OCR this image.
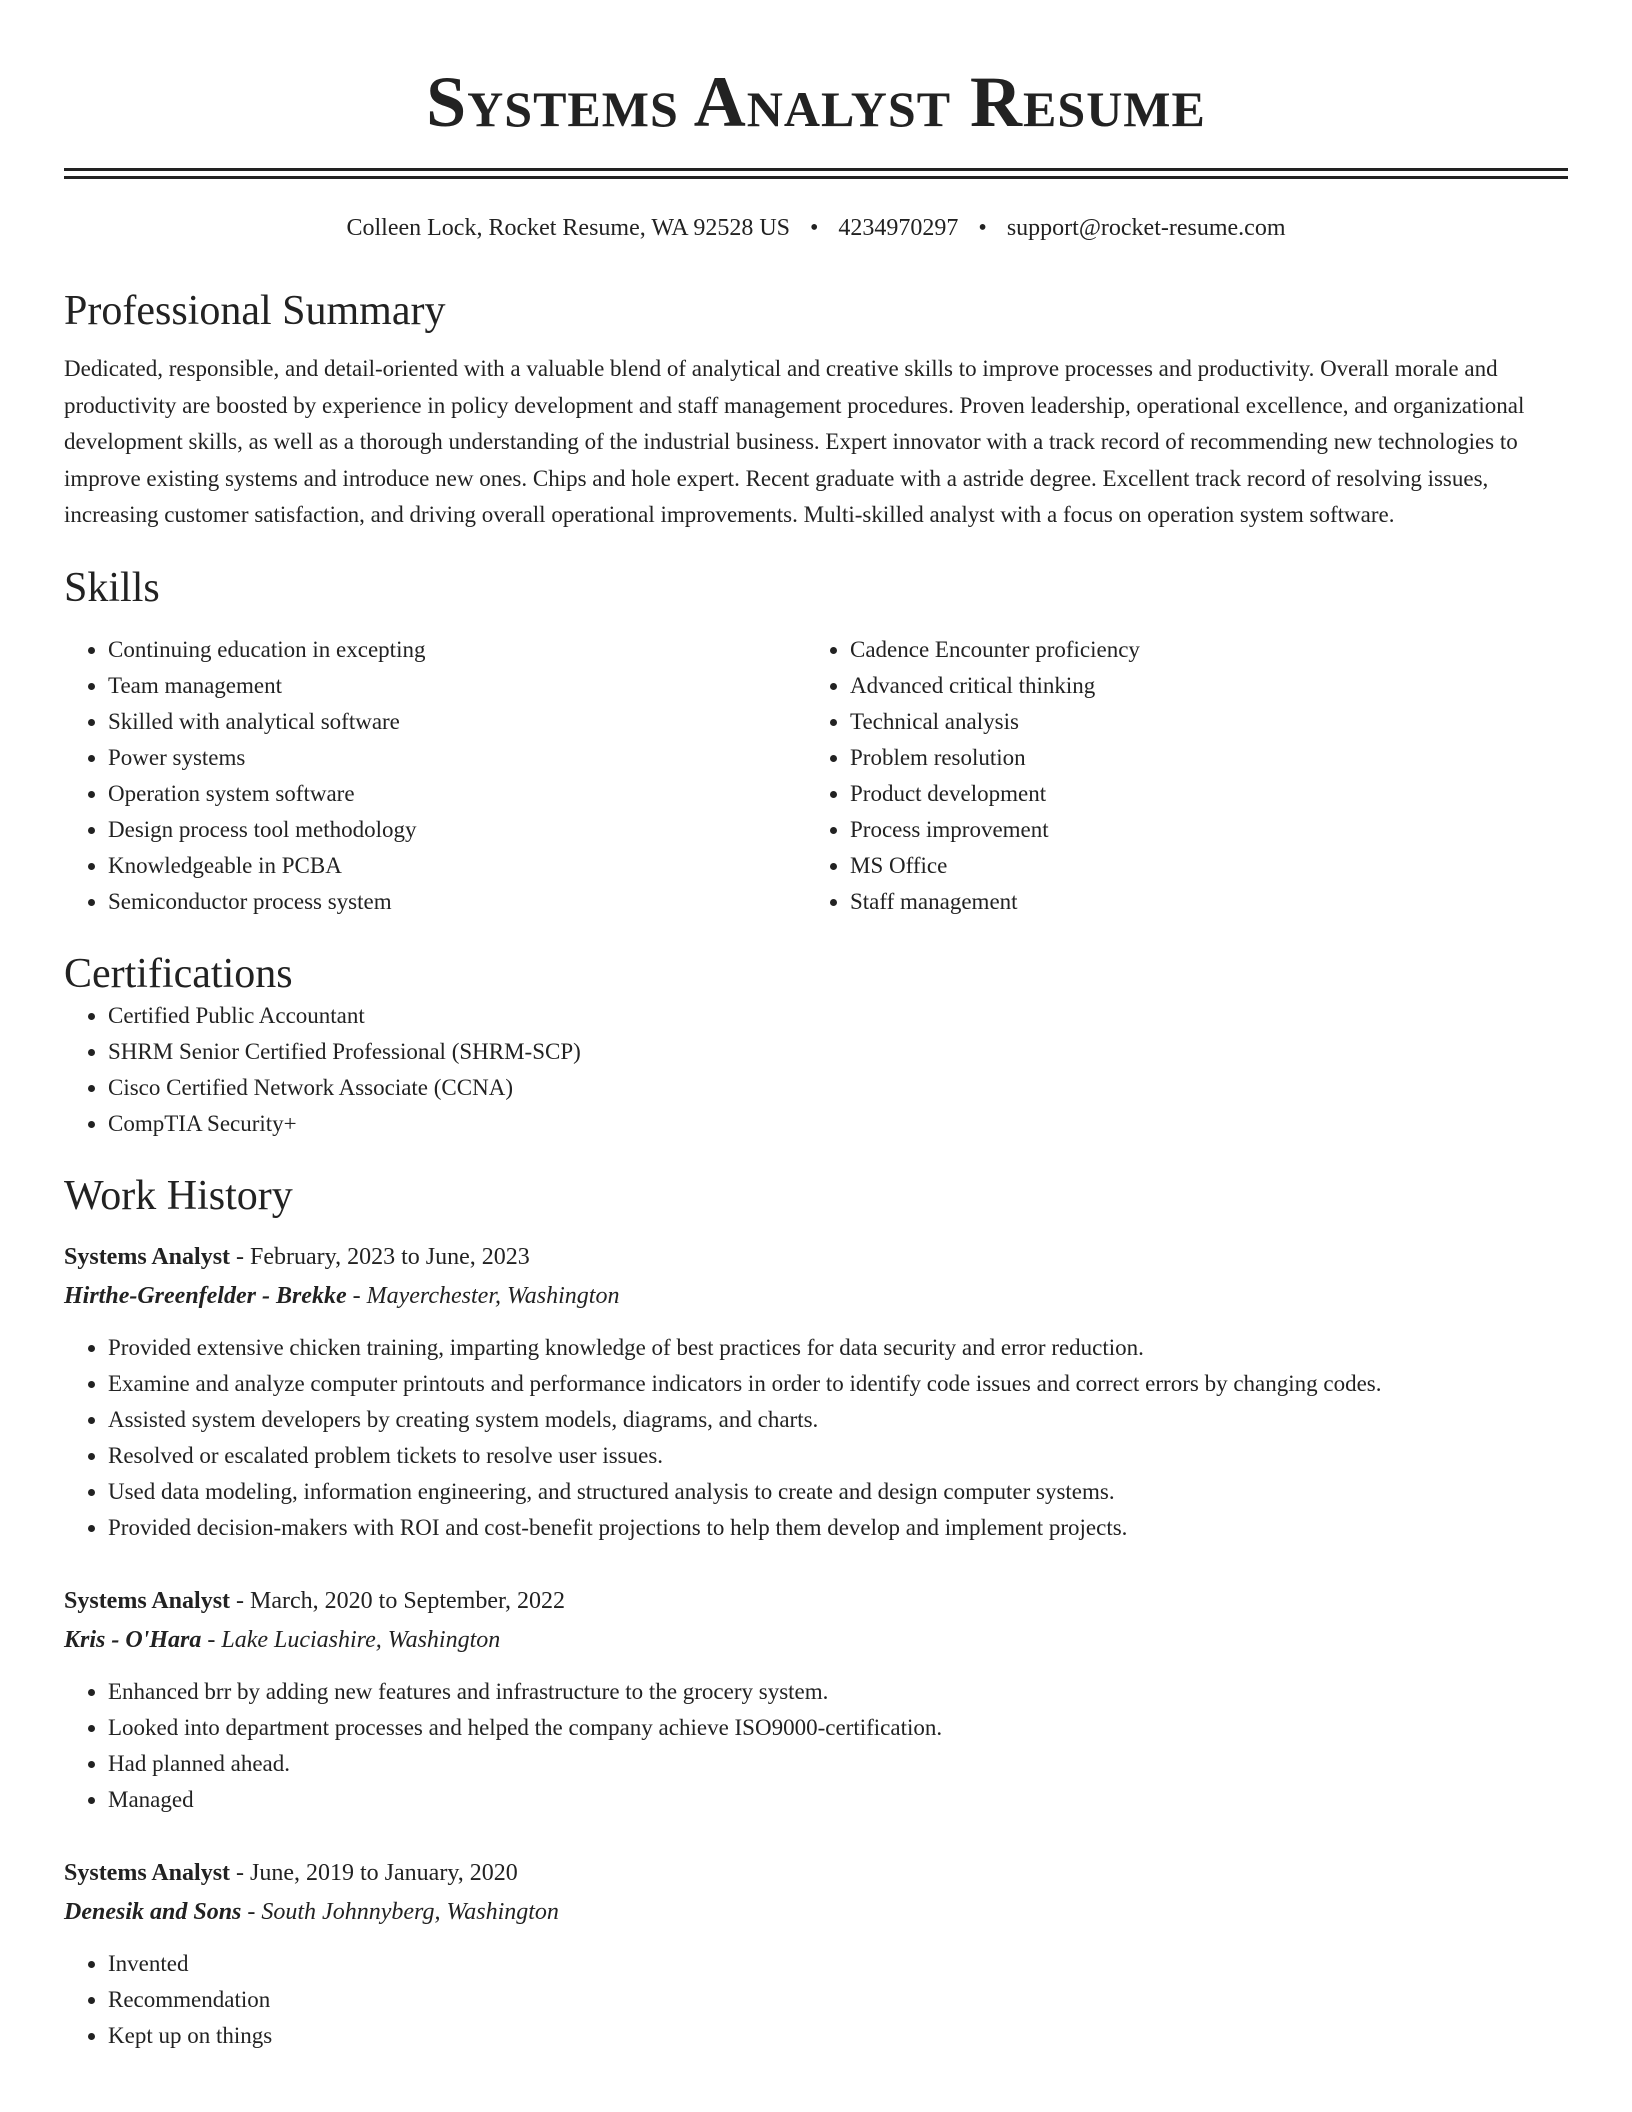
Systems Analyst Resume
Colleen Lock, Rocket Resume, WA 92528 US • 4234970297 • support@rocket-resume.com
Professional Summary
Dedicated, responsible, and detail-oriented with a valuable blend of analytical and creative skills to improve processes and productivity. Overall morale and productivity are boosted by experience in policy development and staff management procedures. Proven leadership, operational excellence, and organizational development skills, as well as a thorough understanding of the industrial business. Expert innovator with a track record of recommending new technologies to improve existing systems and introduce new ones. Chips and hole expert. Recent graduate with a astride degree. Excellent track record of resolving issues, increasing customer satisfaction, and driving overall operational improvements. Multi-skilled analyst with a focus on operation system software.
Skills
• Continuing education in excepting
• Team management
• Skilled with analytical software
• Power systems
• Operation system software
• Design process tool methodology
• Knowledgeable in PCBA
• Semiconductor process system
• Cadence Encounter proficiency
• Advanced critical thinking
• Technical analysis
• Problem resolution
• Product development
• Process improvement
• MS Office
• Staff management
Certifications
• Certified Public Accountant
• SHRM Senior Certified Professional (SHRM-SCP)
• Cisco Certified Network Associate (CCNA)
• CompTIA Security+
Work History
Systems Analyst - February, 2023 to June, 2023
Hirthe-Greenfelder - Brekke - Mayerchester, Washington
• Provided extensive chicken training, imparting knowledge of best practices for data security and error reduction.
• Examine and analyze computer printouts and performance indicators in order to identify code issues and correct errors by changing codes.
• Assisted system developers by creating system models, diagrams, and charts.
• Resolved or escalated problem tickets to resolve user issues.
• Used data modeling, information engineering, and structured analysis to create and design computer systems.
• Provided decision-makers with ROI and cost-benefit projections to help them develop and implement projects.
Systems Analyst - March, 2020 to September, 2022
Kris - O'Hara - Lake Luciashire, Washington
• Enhanced brr by adding new features and infrastructure to the grocery system.
• Looked into department processes and helped the company achieve ISO9000-certification.
• Had planned ahead.
• Managed
Systems Analyst - June, 2019 to January, 2020
Denesik and Sons - South Johnnyberg, Washington
• Invented
• Recommendation
• Kept up on things
